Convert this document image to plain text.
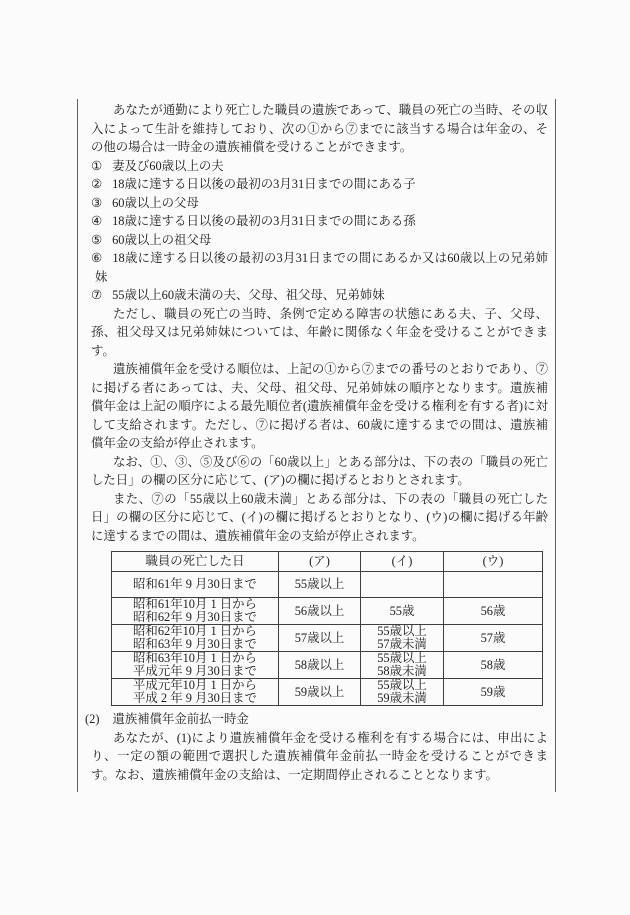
あなたが通勤により死亡した職員の遺族であって、職員の死亡の当時、その収入によって生計を維持しており、次の①から⑦までに該当する場合は年金の、その他の場合は一時金の遺族補償を受けることができます。

① 妻及び60歳以上の夫
② 18歳に達する日以後の最初の3月31日までの間にある子
③ 60歳以上の父母
④ 18歳に達する日以後の最初の3月31日までの間にある孫
⑤ 60歳以上の祖父母
⑥ 18歳に達する日以後の最初の3月31日までの間にあるか又は60歳以上の兄弟姉妹
⑦ 55歳以上60歳未満の夫、父母、祖父母、兄弟姉妹

ただし、職員の死亡の当時、条例で定める障害の状態にある夫、子、父母、孫、祖父母又は兄弟姉妹については、年齢に関係なく年金を受けることができます。

遺族補償年金を受ける順位は、上記の①から⑦までの番号のとおりであり、⑦に掲げる者にあっては、夫、父母、祖父母、兄弟姉妹の順序となります。遺族補償年金は上記の順序による最先順位者(遺族補償年金を受ける権利を有する者)に対して支給されます。ただし、⑦に掲げる者は、60歳に達するまでの間は、遺族補償年金の支給が停止されます。

なお、①、③、⑤及び⑥の「60歳以上」とある部分は、下の表の「職員の死亡した日」の欄の区分に応じて、(ア)の欄に掲げるとおりとされます。

また、⑦の「55歳以上60歳未満」とある部分は、下の表の「職員の死亡した日」の欄の区分に応じて、(イ)の欄に掲げるとおりとなり、(ウ)の欄に掲げる年齢に達するまでの間は、遺族補償年金の支給が停止されます。

職員の死亡した日	(ア)	(イ)	(ウ)

昭和61年 9 月30日まで	55歳以上	

昭和61年10月 1 日から
昭和62年 9 月30日まで	56歳以上	55歳	56歳

昭和62年10月 1 日から
昭和63年 9 月30日まで	57歳以上	55歳以上
57歳未満	57歳

昭和63年10月 1 日から
平成元年 9 月30日まで	58歳以上	55歳以上
58歳未満	58歳

平成元年10月 1 日から
平成 2 年 9 月30日まで	59歳以上	55歳以上
59歳未満	59歳
(2) 遺族補償年金前払一時金

あなたが、(1)により遺族補償年金を受ける権利を有する場合には、申出により、一定の額の範囲で選択した遺族補償年金前払一時金を受けることができます。なお、遺族補償年金の支給は、一定期間停止されることとなります。
